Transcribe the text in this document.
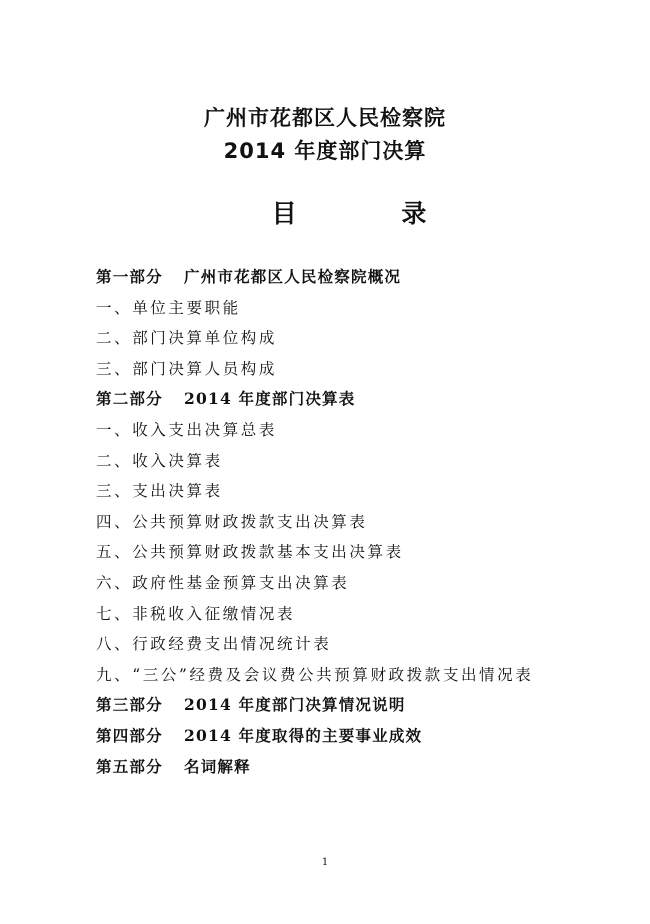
广州市花都区人民检察院
2014 年度部门决算
目 录
第一部分 广州市花都区人民检察院概况
一、单位主要职能
二、部门决算单位构成
三、部门决算人员构成
第二部分 2014 年度部门决算表
一、收入支出决算总表
二、收入决算表
三、支出决算表
四、公共预算财政拨款支出决算表
五、公共预算财政拨款基本支出决算表
六、政府性基金预算支出决算表
七、非税收入征缴情况表
八、行政经费支出情况统计表
九、“三公”经费及会议费公共预算财政拨款支出情况表
第三部分 2014 年度部门决算情况说明
第四部分 2014 年度取得的主要事业成效
第五部分 名词解释
1
